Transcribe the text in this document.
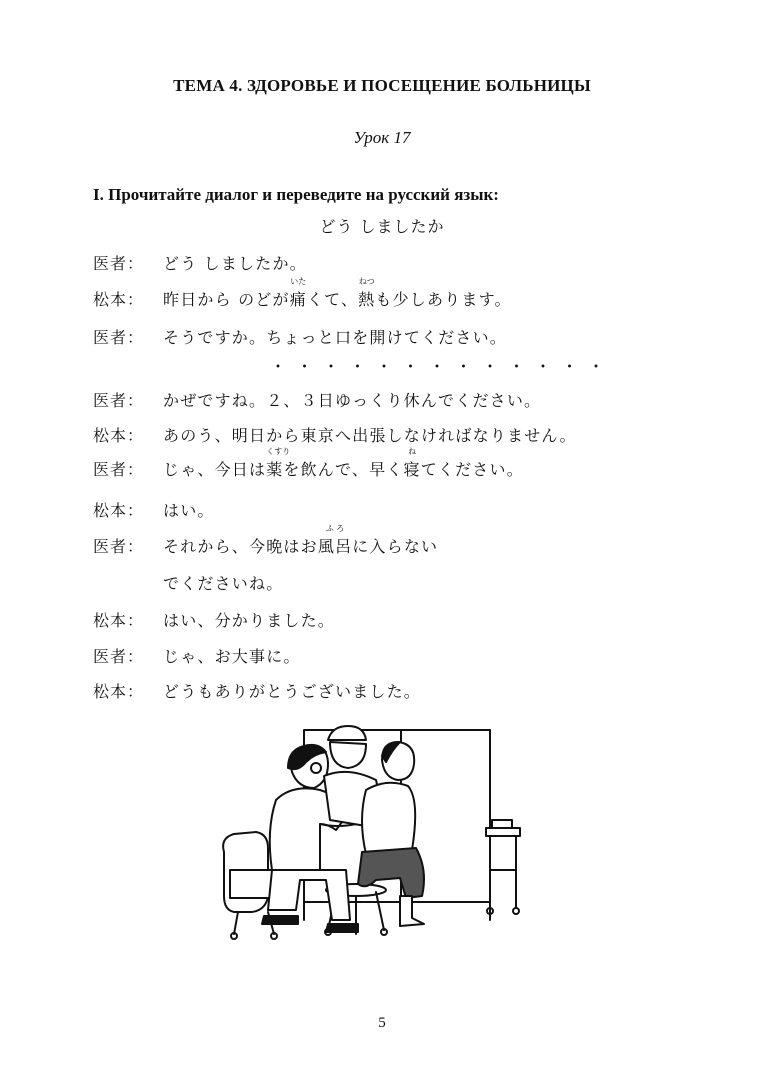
ТЕМА 4. ЗДОРОВЬЕ И ПОСЕЩЕНИЕ БОЛЬНИЦЫ
Урок 17
I. Прочитайте диалог и переведите на русский язык:
どう しましたか
医者： どう しましたか。
松本： 昨日から のどが
いた
痛くて、
ねつ
熱も少しあります。
医者： そうですか。ちょっと口を開けてください。
・・・・・・・・・・・・・
医者： かぜですね。２、３日ゆっくり休んでください。
松本： あのう、明日から東京へ出張しなければなりません。
医者： じゃ、今日は
くすり
薬を飲んで、早く
ね
寝てください。
松本： はい。
医者： それから、今晩はお
ふ ろ
風呂に入らない
でくださいね。
松本： はい、分かりました。
医者： じゃ、お大事に。
松本： どうもありがとうございました。
5
